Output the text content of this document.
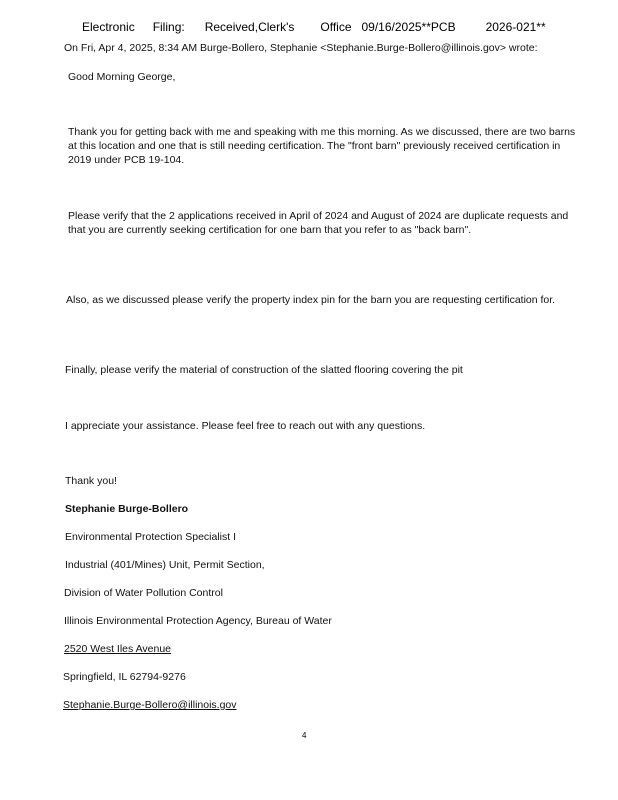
Electronic Filing: Received,Clerk's Office 09/16/2025**PCB	2026-021**
On Fri, Apr 4, 2025, 8:34 AM Burge-Bollero, Stephanie <Stephanie.Burge-Bollero@illinois.gov> wrote:
Good Morning George,
Thank you for getting back with me and speaking with me this morning. As we discussed, there are two barns at this location and one that is still needing certification. The "front barn" previously received certification in 2019 under PCB 19-104.
Please verify that the 2 applications received in April of 2024 and August of 2024 are duplicate requests and that you are currently seeking certification for one barn that you refer to as "back barn".
Also, as we discussed please verify the property index pin for the barn you are requesting certification for.
Finally, please verify the material of construction of the slatted flooring covering the pit
I appreciate your assistance. Please feel free to reach out with any questions.
Thank you!
Stephanie Burge-Bollero
Environmental Protection Specialist I
Industrial (401/Mines) Unit, Permit Section,
Division of Water Pollution Control
Illinois Environmental Protection Agency, Bureau of Water
2520 West Iles Avenue
Springfield, IL 62794-9276
Stephanie.Burge-Bollero@illinois.gov
4
